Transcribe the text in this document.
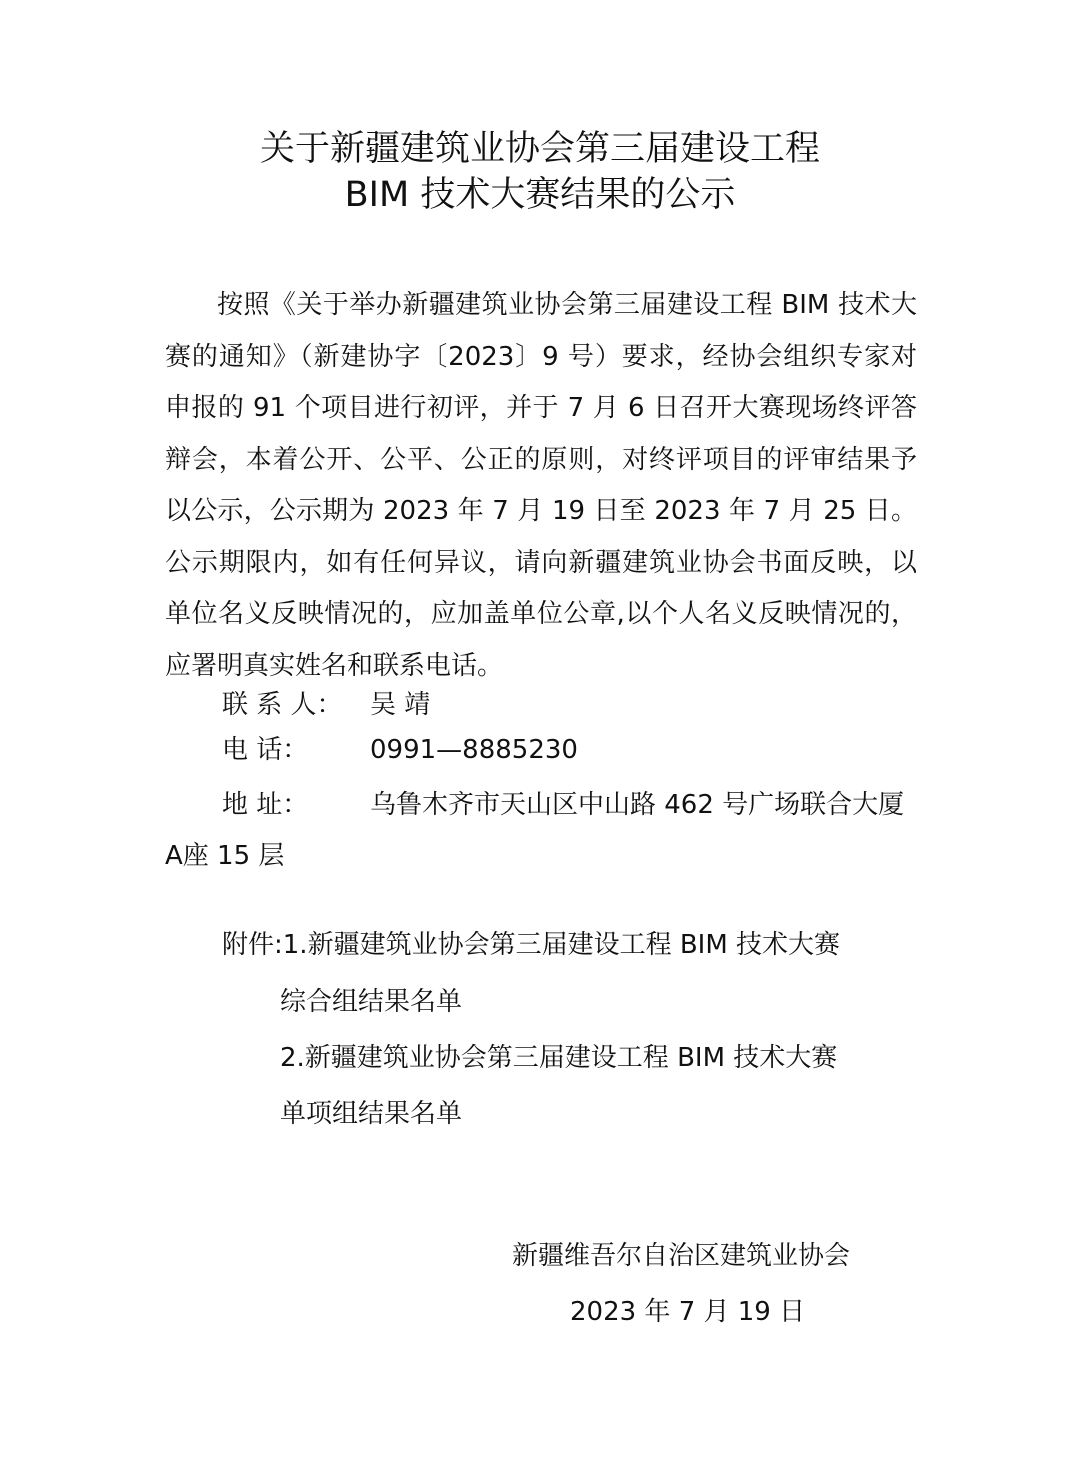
关于新疆建筑业协会第三届建设工程
BIM 技术大赛结果的公示

按照《关于举办新疆建筑业协会第三届建设工程 BIM 技术大赛的通知》（新建协字〔2023〕9 号）要求，经协会组织专家对申报的 91 个项目进行初评，并于 7 月 6 日召开大赛现场终评答辩会，本着公开、公平、公正的原则，对终评项目的评审结果予以公示，公示期为 2023 年 7 月 19 日至 2023 年 7 月 25 日。公示期限内，如有任何异议，请向新疆建筑业协会书面反映，以单位名义反映情况的，应加盖单位公章,以个人名义反映情况的，应署明真实姓名和联系电话。

联 系 人： 吴 靖
电 话： 0991—8885230

地 址： 乌鲁木齐市天山区中山路 462 号广场联合大厦A座 15 层

附件:1.新疆建筑业协会第三届建设工程 BIM 技术大赛
综合组结果名单
2.新疆建筑业协会第三届建设工程 BIM 技术大赛
单项组结果名单
新疆维吾尔自治区建筑业协会
2023 年 7 月 19 日
